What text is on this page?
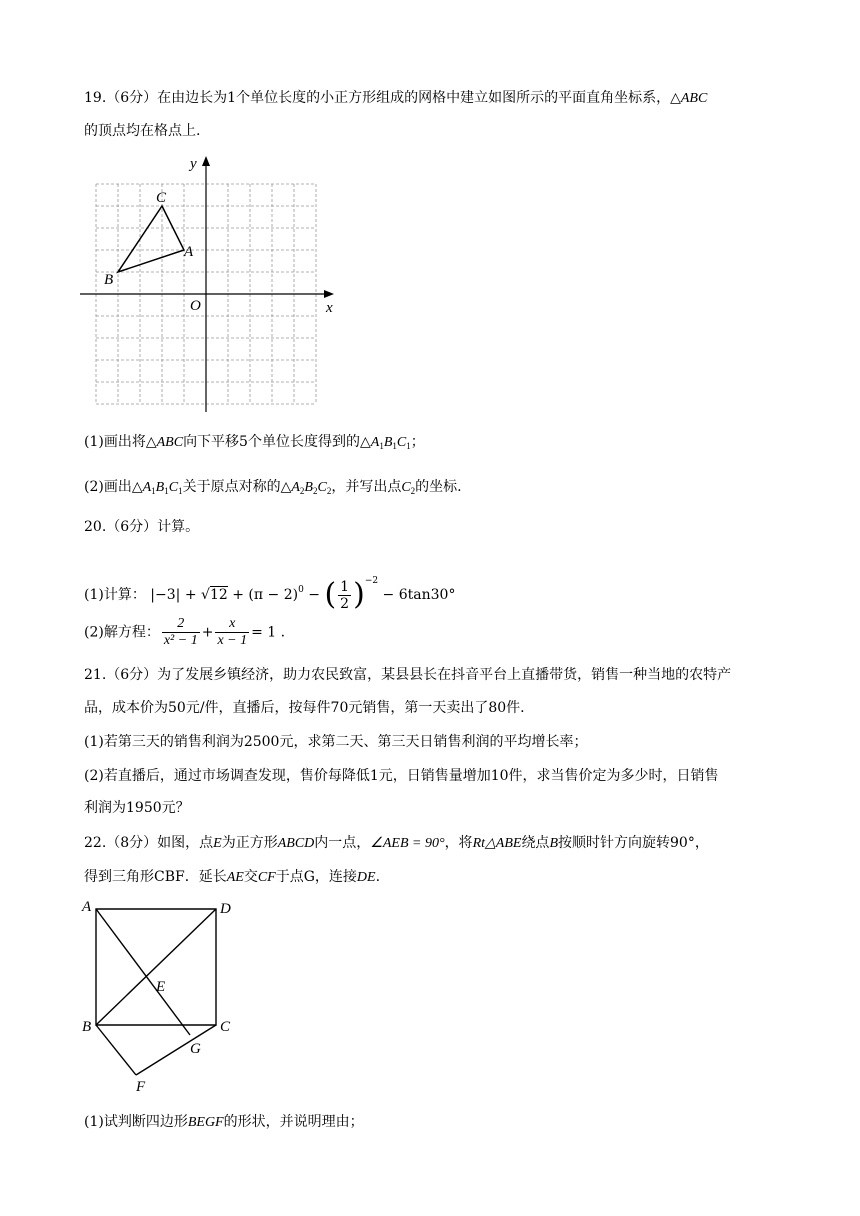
19.（6分）在由边长为1个单位长度的小正方形组成的网格中建立如图所示的平面直角坐标系，△ABC
的顶点均在格点上.
y
x
O
C
A
B
(1)画出将△ABC向下平移5个单位长度得到的$\triangle A_1B_1C_1$；
(2)画出$\triangle A_1B_1C_1$关于原点对称的$\triangle A_2B_2C_2$，并写出点$C_2$的坐标.
20.（6分）计算。
(1)计算： $|-3| + √12 + (\pi - 2)^0$ − ( $\frac{1}{2} )^{-2} - 6\tan 30^\circ$
(2)解方程： $\frac{2}{\text{x² − 1}} + \frac{x}{x - 1} = 1$ .
21.（6分）为了发展乡镇经济，助力农民致富，某县县长在抖音平台上直播带货，销售一种当地的农特产
品，成本价为50元/件，直播后，按每件70元销售，第一天卖出了80件.
(1)若第三天的销售利润为2500元，求第二天、第三天日销售利润的平均增长率；
(2)若直播后，通过市场调查发现，售价每降低1元，日销售量增加10件，求当售价定为多少时，日销售
利润为1950元？
22.（8分）如图，点E为正方形ABCD内一点，∠AEB = 90°，将Rt△ABE绕点B按顺时针方向旋转90°，
得到三角形CBF．延长AE交CF于点G，连接DE.
A	D
E
B	C
G
F
(1)试判断四边形BEGF的形状，并说明理由；
